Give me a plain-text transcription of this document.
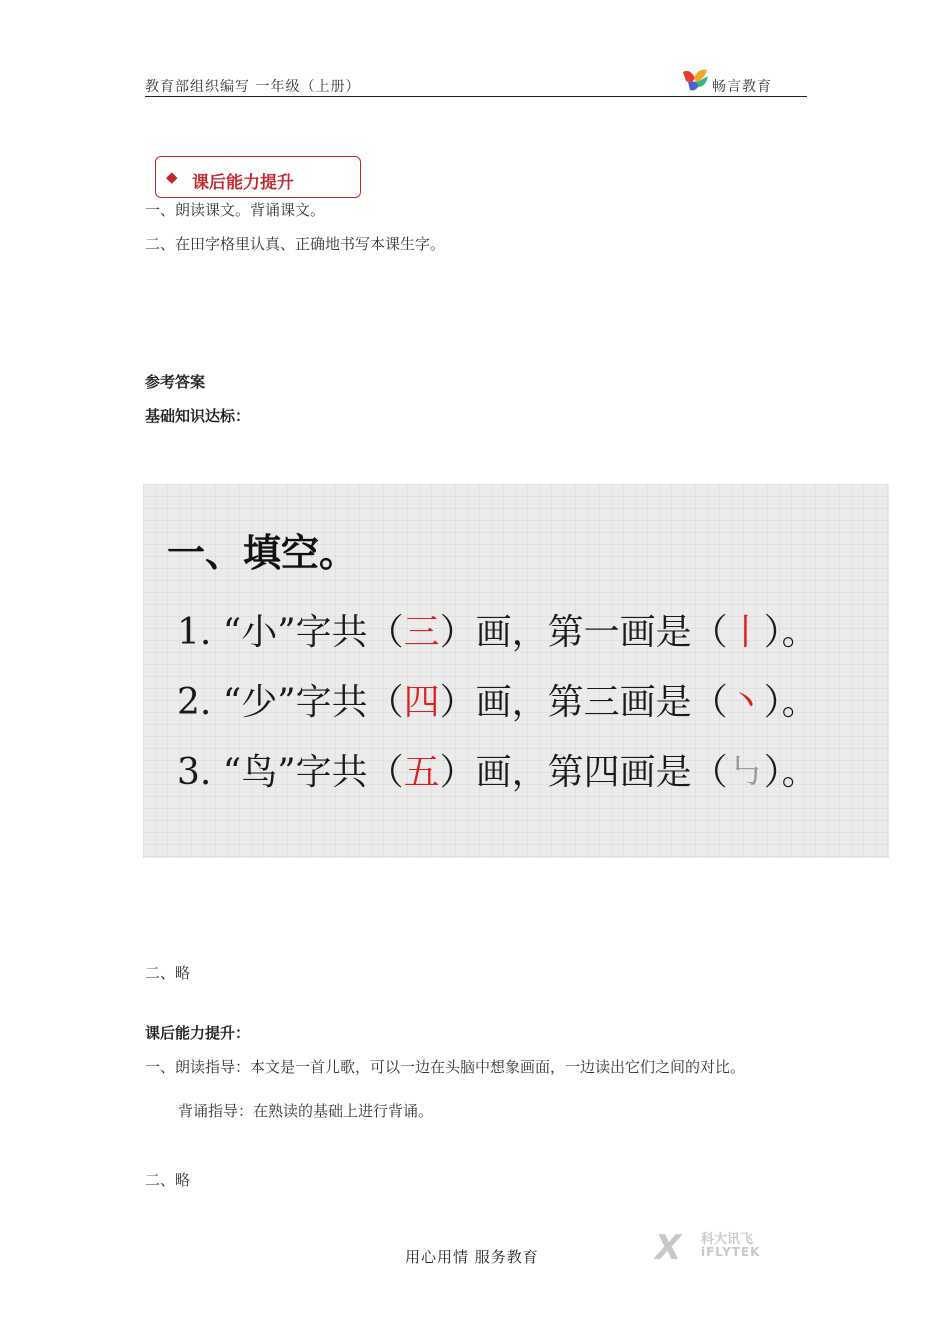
教育部组织编写 一年级（上册）	畅言教育
一、朗读课文。背诵课文。
◆ 课后能力提升
二、在田字格里认真、正确地书写本课生字。
参考答案
基础知识达标：
一、填空。
1. “小”字共（三）画，第一画是（丨）。
2. “少”字共（四）画，第三画是（丶）。
3. “鸟”字共（五）画，第四画是（㇉）。
二、略
课后能力提升：
一、朗读指导：本文是一首儿歌，可以一边在头脑中想象画面，一边读出它们之间的对比。
背诵指导：在熟读的基础上进行背诵。
二、略
用心用情 服务教育	X 科大讯飞
iFLYTEK
